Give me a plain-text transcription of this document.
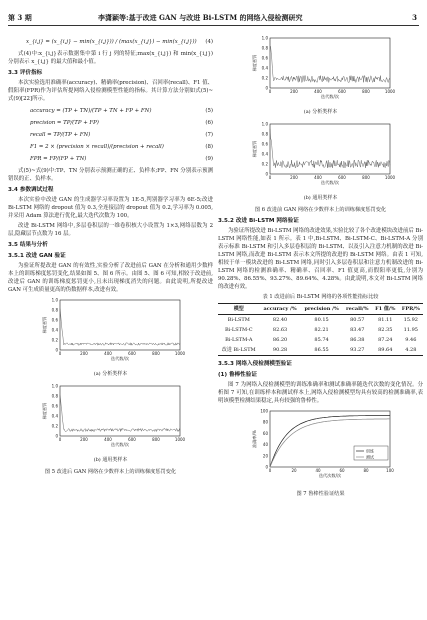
第 3 期	李潇颖等:基于改进 GAN 与改进 Bi-LSTM 的网络入侵检测研究	3
x_{i,j} = (x_{i,j} − min(x_{i,j})) / (max(x_{i,j}) − min(x_{i,j})) (4)

式(4)中:x_{i,j}表示数据集中第 i 行 j 列的特征;max(x_{i,j}) 和 min(x_{i,j}) 分别表示 x_{i,j} 的最大值和最小值。

3.3 评价指标

本次实验选用准确率(accuracy)、精确率(precision)、召回率(recall)、F1 值、假阳率(FPR)作为评估所提网络入侵检测模型性能的指标。其计算方法分别如式(5)~式(9)[22]所示。

accuracy = (TP + TN)/(TP + TN + FP + FN)	(5)
precision = TP/(TP + FP)	(6)
recall = TP/(TP + FN)	(7)
F1 = 2 × (precision × recall)/(precision + recall)	(8)
FPR = FP/(FP + TN)	(9)

式(5)~式(9)中:TP、TN 分别表示预测正确的正、负样本;FP、FN 分别表示预测错误的正、负样本。

3.4 参数调试过程

本次实验中改进 GAN 的生成器学习率设置为 1E-5,判别器学习率为 6E-5;改进 Bi-LSTM 网络的 dropout 值为 0.3,全连接层的 dropout 值为 0.2,学习率为 0.005,并采用 Adam 算法进行优化,最大迭代次数为 100。

改进 Bi-LSTM 网络中,多层卷积层的一维卷积核大小设置为 1×3,网络层数为 2 层,隐藏层节点数为 16 层。

3.5 结果与分析

3.5.1 改进 GAN 验证

为验证所提改进 GAN 的有效性,实验分析了改进前后 GAN 在分析和通用少数样本上的训练梯度惩罚变化,结果如图 5、图 6 所示。由图 5、图 6 可知,相较于改进前,改进后 GAN 的训练梯度惩罚更小,且未出现梯度消失的问题。由此说明,所提改进 GAN 可生成质量更高的伪数据样本,改进有效。

1.0
0.8
0.6
0.4
0.2
0
0	200	400	600	800	1000
梯度惩罚
迭代数/次
(a) 分析类样本
1.0
0.8
0.6
0.4
0.2
0
0	200	400	600	800	1000
梯度惩罚
迭代数/次
(b) 通用类样本
图 5 改进后 GAN 网络在少数样本上的训练梯度惩罚变化
1.0
0.8
0.6
0.4
0.2
0
0	200	400	600	800	1000
梯度惩罚
迭代数/次
(a) 分析类样本
1.0
0.8
0.6
0.4
0.2
0
0	200	400	600	800	1000
梯度惩罚
迭代数/次
(b) 通用类样本
图 6 改进前 GAN 网络在少数样本上的训练梯度惩罚变化

3.5.2 改进 Bi-LSTM 网络验证

为验证所提改进 Bi-LSTM 网络的改进效果,实验比较了各个改进模块改进前后 Bi-LSTM 网络性能,如表 1 所示。表 1 中,Bi-LSTM、Bi-LSTM-C、Bi-LSTM-A 分别表示标准 Bi-LSTM 和引入多层卷积层的 Bi-LSTM、以及引入注意力机制的改进 Bi-LSTM 网络,而改进 Bi-LSTM 表示本文所提的改进的 Bi-LSTM 网络。由表 1 可知,相较于单一模块改进的 Bi-LSTM 网络,同时引入多层卷积层和注意力机制改进的 Bi-LSTM 网络的检测准确率、精确率、召回率、F1 值更高,而假阳率更低,分别为 90.28%、86.55%、93.27%、89.64%、4.28%。由此说明,本文对 Bi-LSTM 网络的改进有效。

表 1 改进前后 Bi-LSTM 网络的各项性能指标比较
模型	accuracy /%	precision /%	recall/%	F1 值/%	FPR/%
Bi-LSTM	82.40	80.15	80.57	81.11	15.92
Bi-LSTM-C	82.63	82.21	83.47	82.35	11.95
Bi-LSTM-A	86.20	85.74	86.38	87.24	9.46
改进 Bi-LSTM	90.28	86.55	93.27	89.64	4.28

3.5.3 网络入侵检测模型验证

(1) 鲁棒性验证

图 7 为网络入侵检测模型的训练准确率和测试准确率随迭代次数的变化情况。分析图 7 可知,在训练样本和测试样本上,网络入侵检测模型均具有较高的检测准确率,表明该模型检测结果稳定,具有较强的鲁棒性。

100
80
60
40
20
0
0	20	40	60	80	100
准确率/%
迭代次数/次
训练
测试
图 7 鲁棒性验证结果
